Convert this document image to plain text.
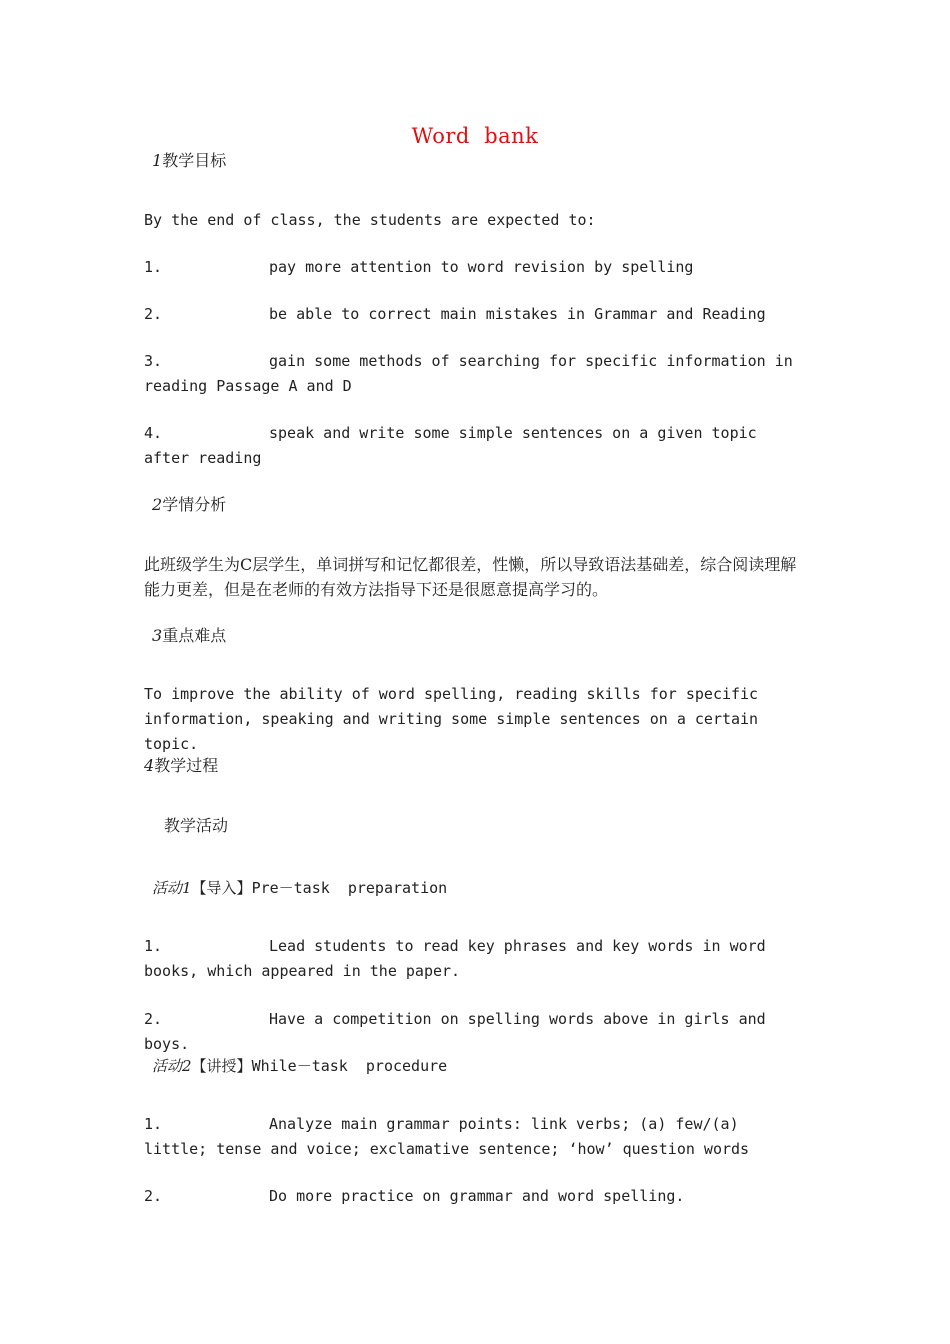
Word  bank
1教学目标
By the end of class, the students are expected to:
1.	pay more attention to word revision by spelling
2.	be able to correct main mistakes in Grammar and Reading
3.	gain some methods of searching for specific information in reading Passage A and D
4.	speak and write some simple sentences on a given topic after reading
2学情分析
此班级学生为C层学生，单词拼写和记忆都很差，性懒，所以导致语法基础差，综合阅读理解能力更差，但是在老师的有效方法指导下还是很愿意提高学习的。
3重点难点
To improve the ability of word spelling, reading skills for specific information, speaking and writing some simple sentences on a certain topic.
4教学过程
教学活动
活动1【导入】Pre－task  preparation
1.	Lead students to read key phrases and key words in word books, which appeared in the paper.
2.	Have a competition on spelling words above in girls and boys.
活动2【讲授】While－task  procedure
1.	Analyze main grammar points: link verbs; (a) few/(a) little; tense and voice; exclamative sentence; ‘how’ question words
2.	Do more practice on grammar and word spelling.
